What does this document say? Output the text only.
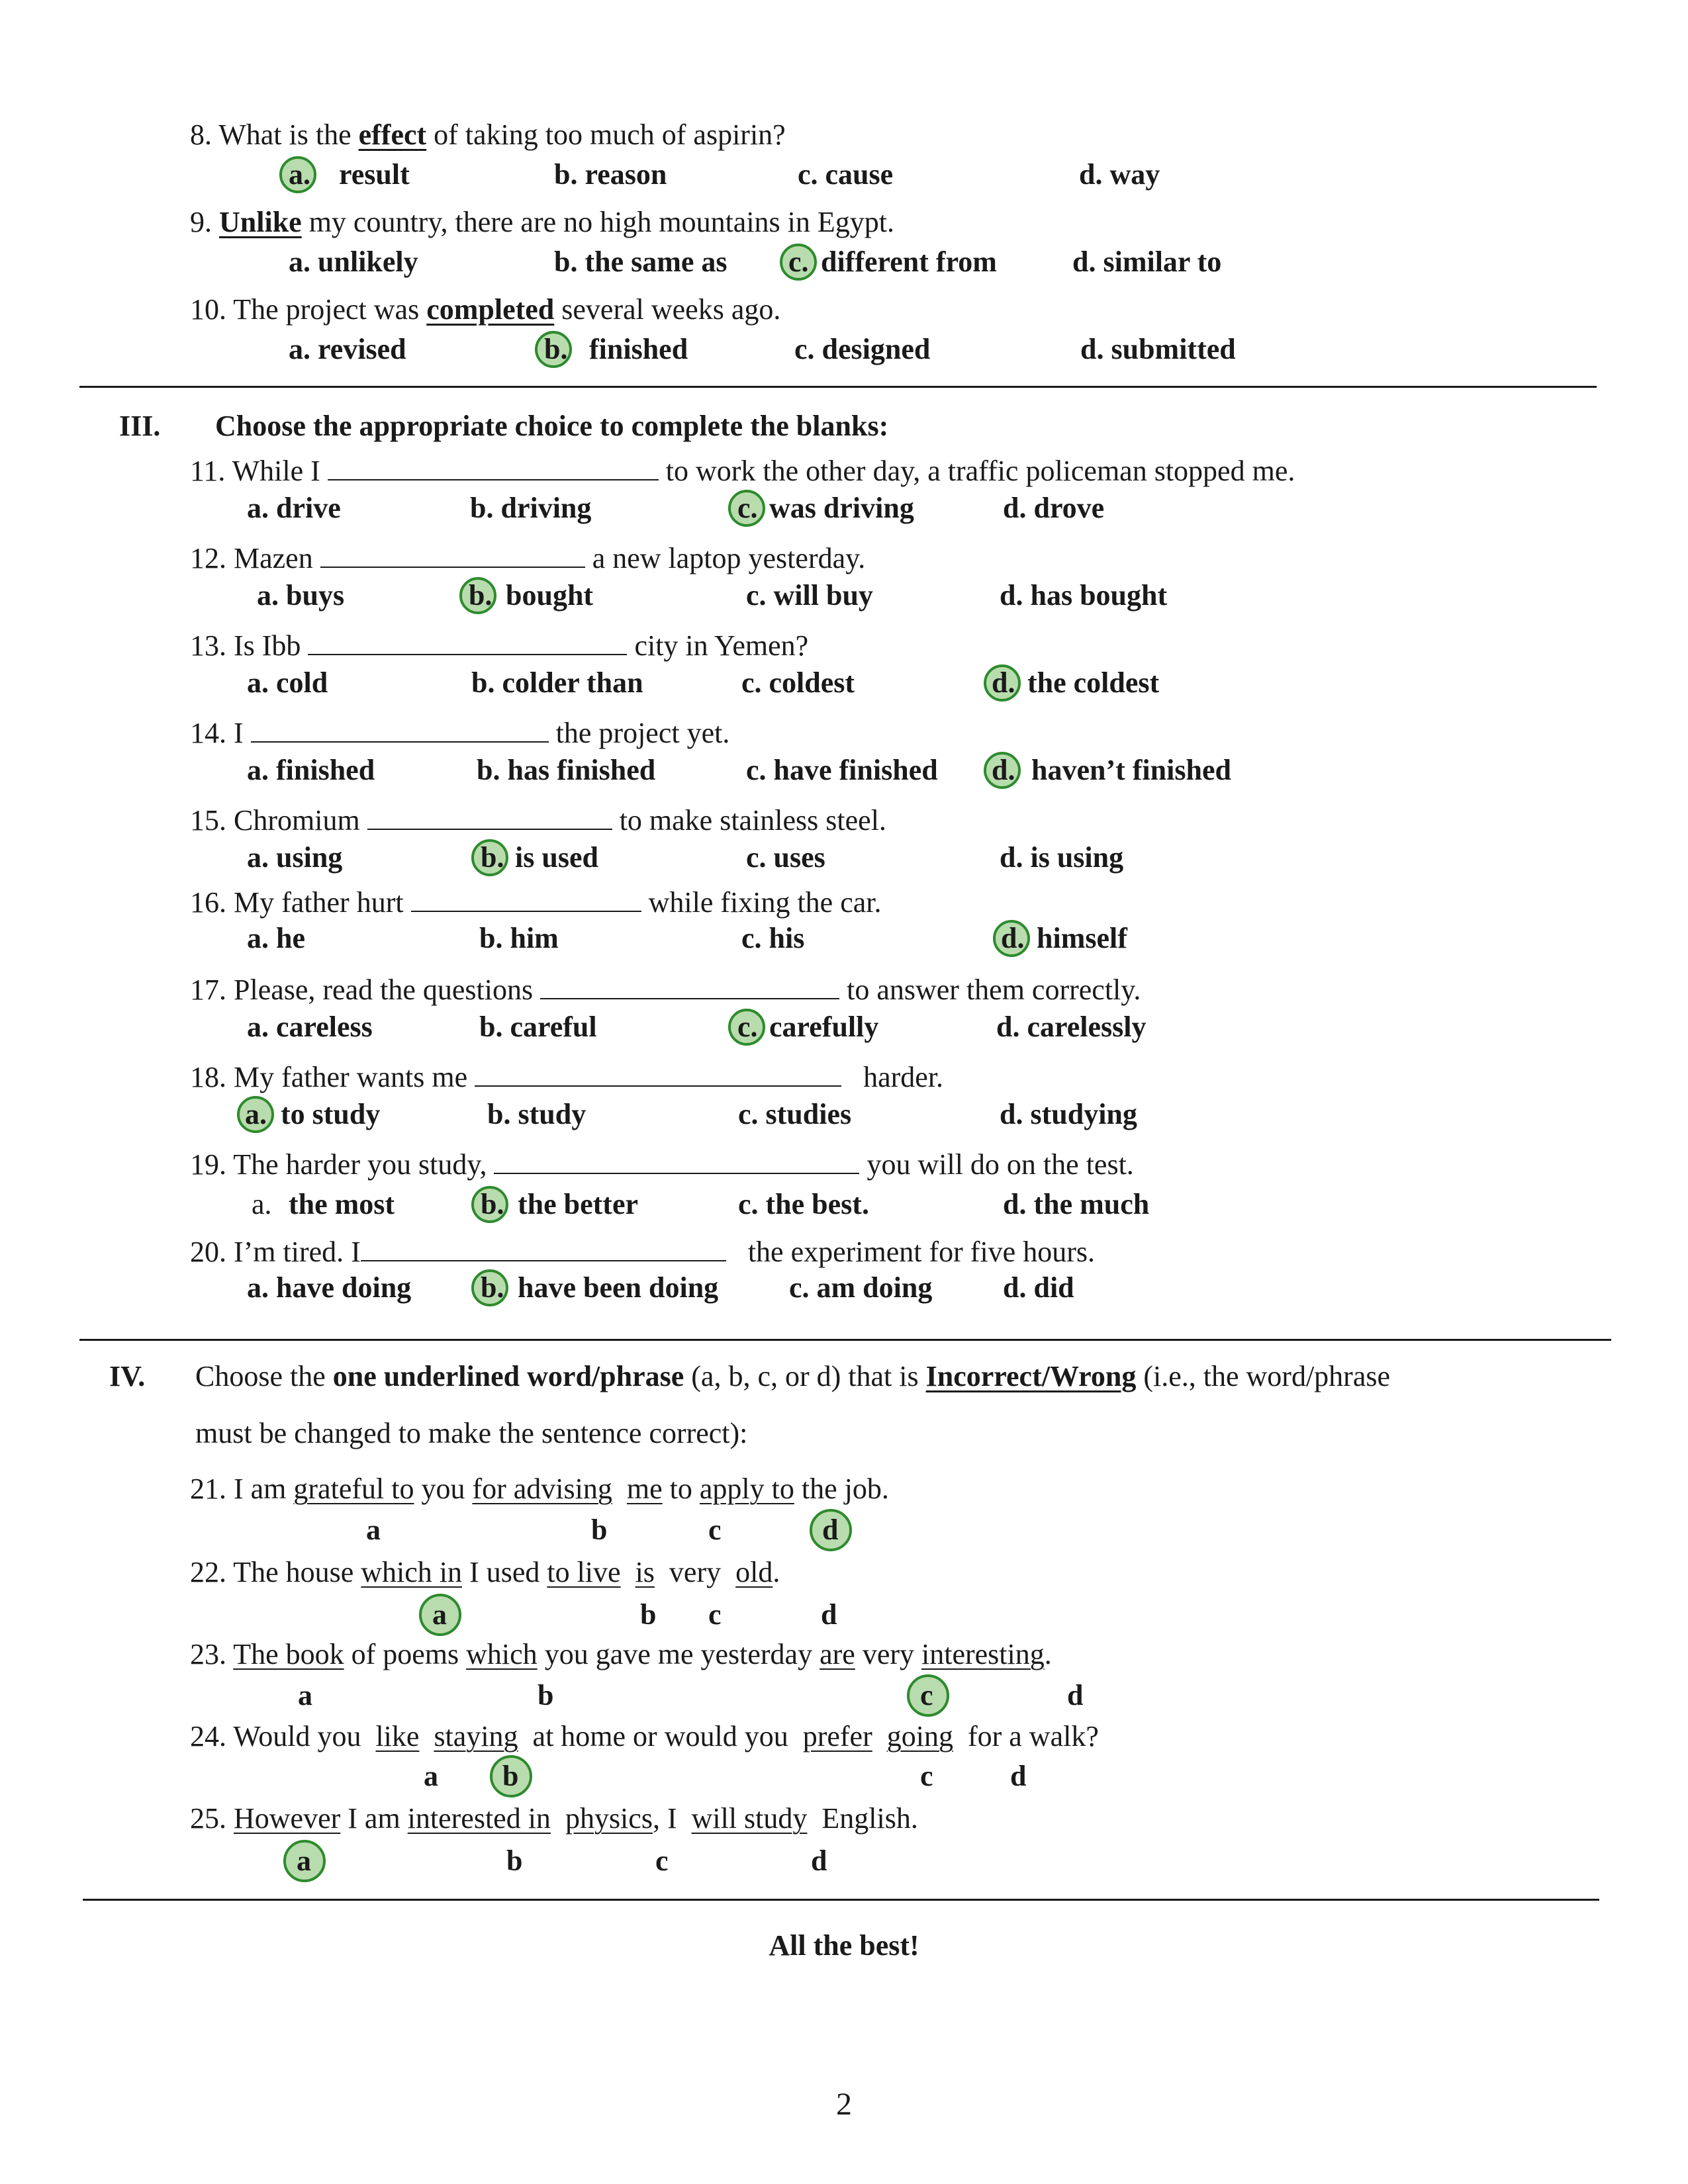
8. What is the effect of taking too much of aspirin?
a. result	b. reason	c. cause	d. way
9. Unlike my country, there are no high mountains in Egypt.
a. unlikely	b. the same as c. different from	d. similar to
10. The project was completed several weeks ago.
a. revised	b. finished	c. designed	d. submitted
III. Choose the appropriate choice to complete the blanks:
11. While I	to work the other day, a traffic policeman stopped me.
a. drive	b. driving	c. was driving	d. drove
12. Mazen	a new laptop yesterday.
a. buys	b. bought	c. will buy	d. has bought
13. Is Ibb	city in Yemen?
a. cold	b. colder than	c. coldest	d. the coldest
14. I	the project yet.
a. finished	b. has finished	c. have finished d. haven’t finished
15. Chromium	to make stainless steel.
a. using	b. is used	c. uses	d. is using
16. My father hurt	while fixing the car.
a. he	b. him	c. his	d. himself
17. Please, read the questions	to answer them correctly.
a. careless	b. careful	c. carefully	d. carelessly
18. My father wants me	harder.
a. to study	b. study	c. studies	d. studying
19. The harder you study,	you will do on the test.
a. the most	b. the better	c. the best.	d. the much
20. I’m tired. I	the experiment for five hours.
a. have doing b. have been doing c. am doing d. did
IV. Choose the one underlined word/phrase (a, b, c, or d) that is Incorrect/Wrong (i.e., the word/phrase
must be changed to make the sentence correct):
21. I am grateful to you for advising me to apply to the job.
a	b	c	d
22. The house which in I used to live is very old.
a	b c	d
23. The book of poems which you gave me yesterday are very interesting.
a	b	c	d
24. Would you like staying at home or would you prefer going for a walk?
a b	c	d
25. However I am interested in physics, I will study English.
a	b	c	d
All the best!
2
